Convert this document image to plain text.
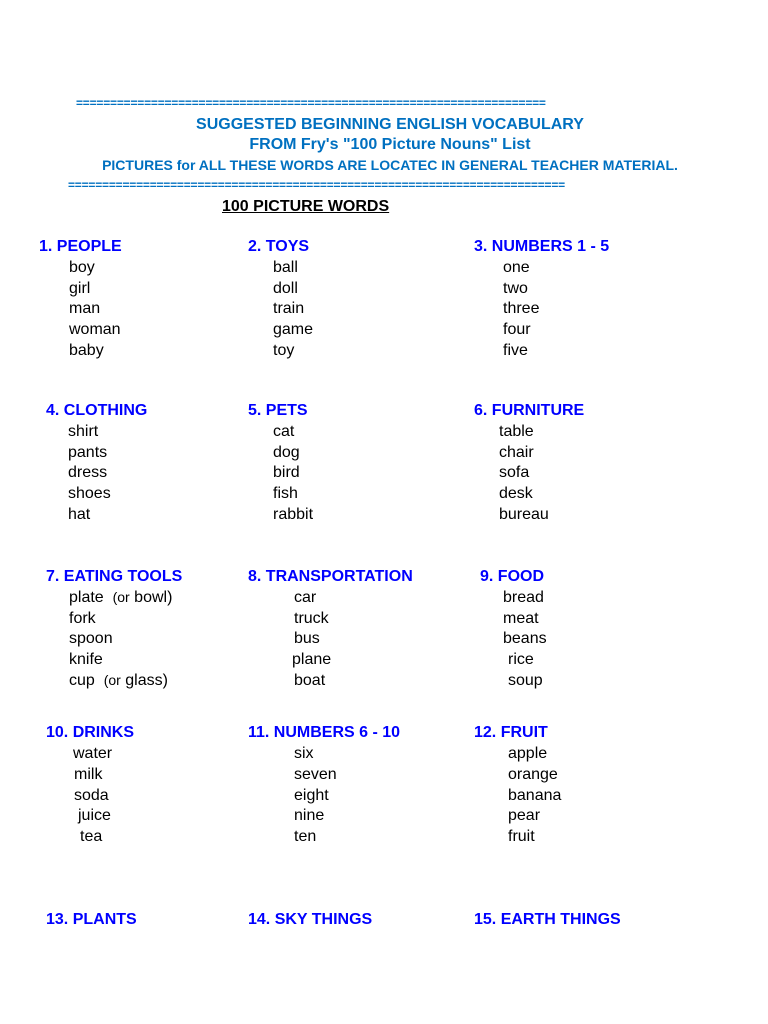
=====================================================================
SUGGESTED BEGINNING ENGLISH VOCABULARY
FROM Fry's "100 Picture Nouns" List
PICTURES for ALL THESE WORDS ARE LOCATEC IN GENERAL TEACHER MATERIAL.
=========================================================================
100 PICTURE WORDS
1. PEOPLE
boy
girl
man
woman
baby
2. TOYS
ball
doll
train
game
toy
3. NUMBERS 1 - 5
one
two
three
four
five
4. CLOTHING
shirt
pants
dress
shoes
hat
5. PETS
cat
dog
bird
fish
rabbit
6. FURNITURE
table
chair
sofa
desk
bureau
7. EATING TOOLS
plate (or bowl)
fork
spoon
knife
cup (or glass)
8. TRANSPORTATION
car
truck
bus
plane
boat
9. FOOD
bread
meat
beans
rice
soup
10. DRINKS
water
milk
soda
juice
tea
11. NUMBERS 6 - 10
six
seven
eight
nine
ten
12. FRUIT
apple
orange
banana
pear
fruit
13. PLANTS	14. SKY THINGS	15. EARTH THINGS
